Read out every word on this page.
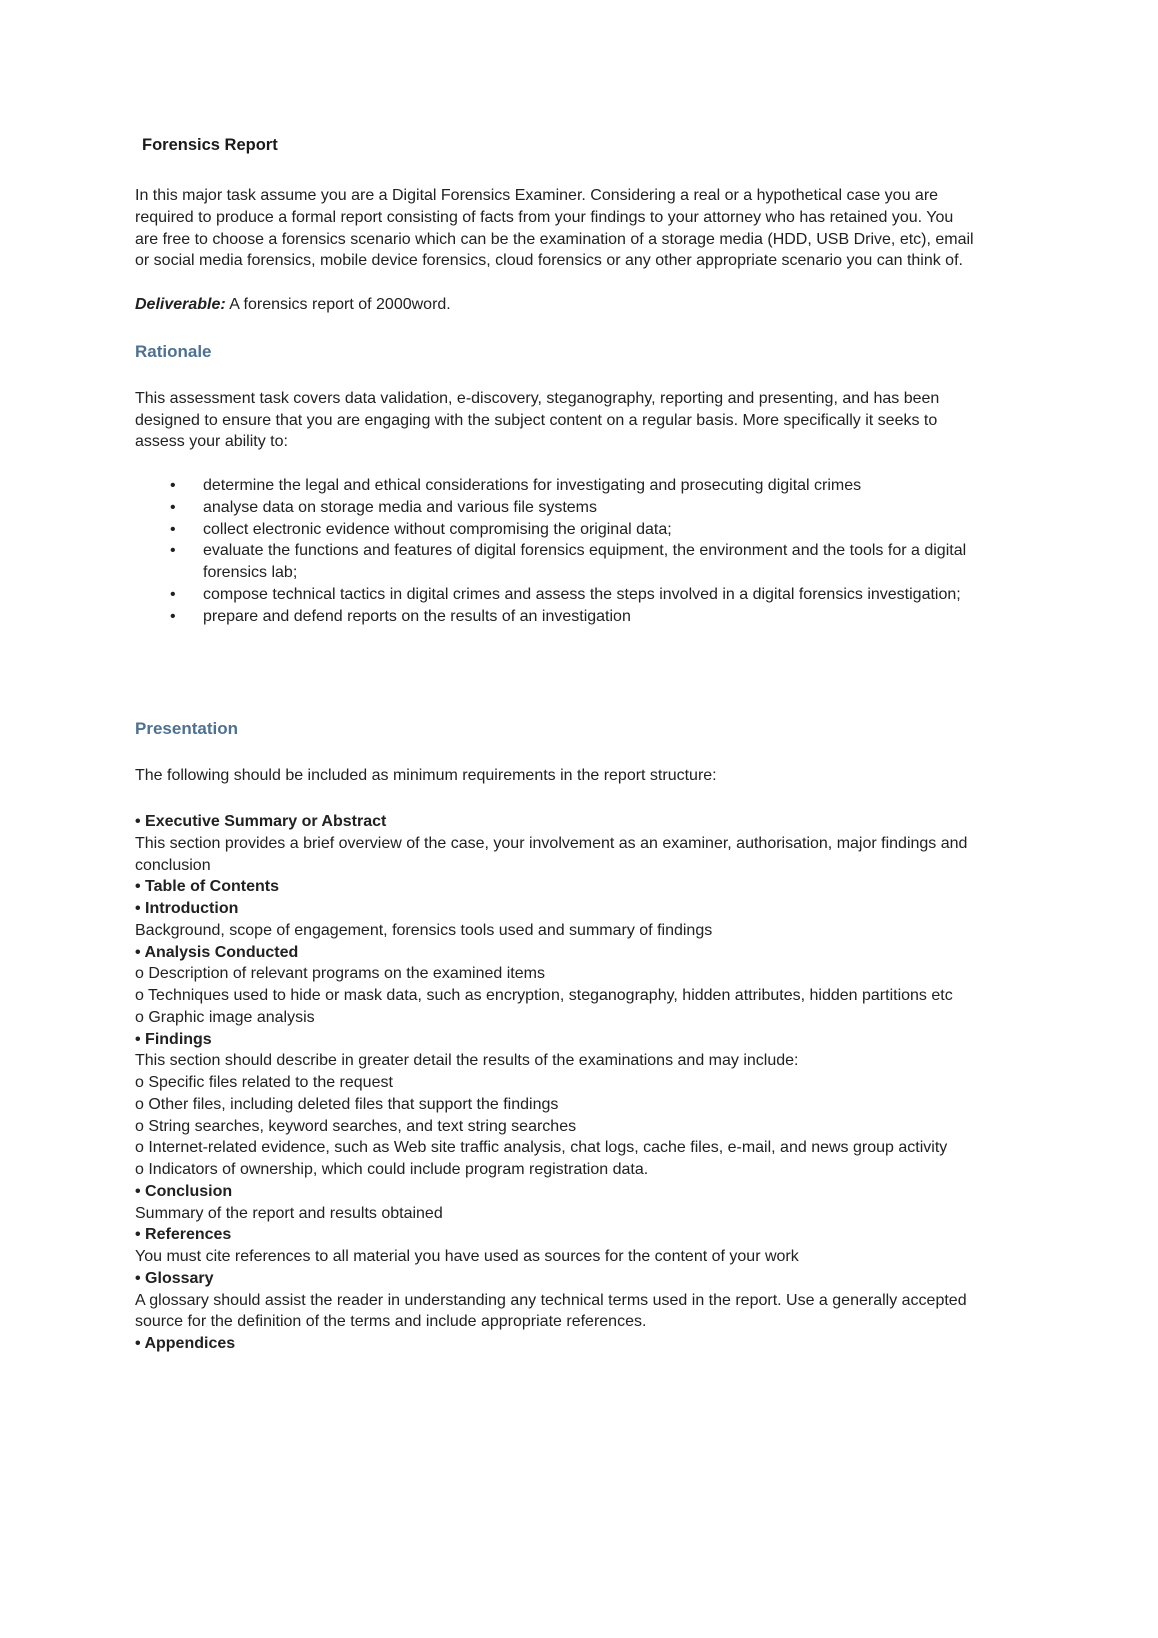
Forensics Report

In this major task assume you are a Digital Forensics Examiner. Considering a real or a hypothetical case you are required to produce a formal report consisting of facts from your findings to your attorney who has retained you. You are free to choose a forensics scenario which can be the examination of a storage media (HDD, USB Drive, etc), email or social media forensics, mobile device forensics, cloud forensics or any other appropriate scenario you can think of.

Deliverable: A forensics report of 2000word.

Rationale

This assessment task covers data validation, e-discovery, steganography, reporting and presenting, and has been designed to ensure that you are engaging with the subject content on a regular basis. More specifically it seeks to assess your ability to:

• determine the legal and ethical considerations for investigating and prosecuting digital crimes
• analyse data on storage media and various file systems
• collect electronic evidence without compromising the original data;
• evaluate the functions and features of digital forensics equipment, the environment and the tools for a digital forensics lab;
• compose technical tactics in digital crimes and assess the steps involved in a digital forensics investigation;
• prepare and defend reports on the results of an investigation
Presentation

The following should be included as minimum requirements in the report structure:

• Executive Summary or Abstract
This section provides a brief overview of the case, your involvement as an examiner, authorisation, major findings and conclusion
• Table of Contents
• Introduction
Background, scope of engagement, forensics tools used and summary of findings
• Analysis Conducted
o Description of relevant programs on the examined items
o Techniques used to hide or mask data, such as encryption, steganography, hidden attributes, hidden partitions etc
o Graphic image analysis
• Findings
This section should describe in greater detail the results of the examinations and may include:
o Specific files related to the request
o Other files, including deleted files that support the findings
o String searches, keyword searches, and text string searches
o Internet-related evidence, such as Web site traffic analysis, chat logs, cache files, e-mail, and news group activity
o Indicators of ownership, which could include program registration data.
• Conclusion
Summary of the report and results obtained
• References
You must cite references to all material you have used as sources for the content of your work
• Glossary
A glossary should assist the reader in understanding any technical terms used in the report. Use a generally accepted source for the definition of the terms and include appropriate references.
• Appendices
